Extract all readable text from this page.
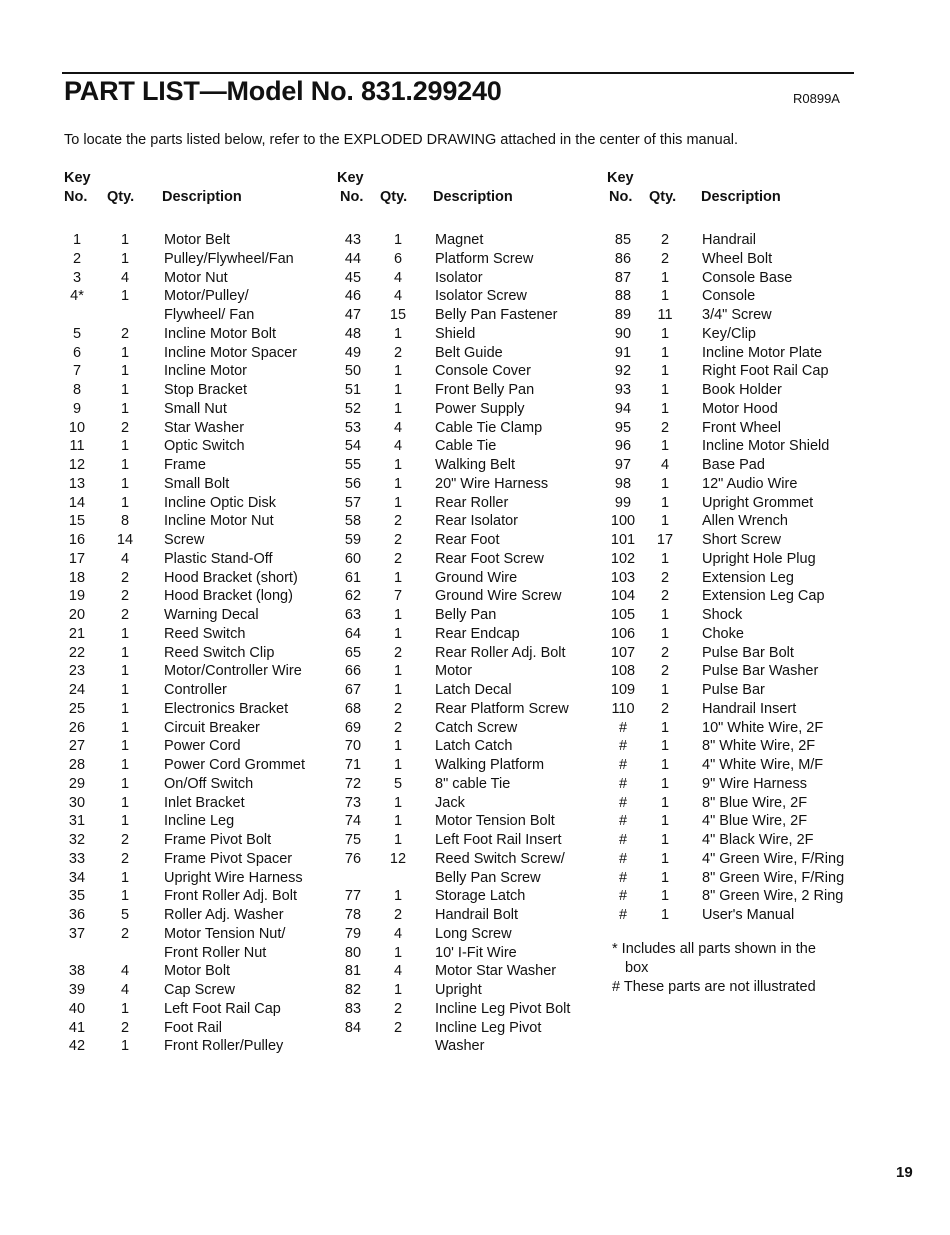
PART LIST—Model No. 831.299240	R0899A
To locate the parts listed below, refer to the EXPLODED DRAWING attached in the center of this manual.
Key
No. Qty. Description
1	1	Motor Belt
2	1	Pulley/Flywheel/Fan
3	4	Motor Nut
4*	1	Motor/Pulley/
Flywheel/ Fan
5	2	Incline Motor Bolt
6	1	Incline Motor Spacer
7	1	Incline Motor
8	1	Stop Bracket
9	1	Small Nut
10	2	Star Washer
11	1	Optic Switch
12	1	Frame
13	1	Small Bolt
14	1	Incline Optic Disk
15	8	Incline Motor Nut
16	14 Screw
17	4	Plastic Stand-Off
18	2	Hood Bracket (short)
19	2	Hood Bracket (long)
20	2	Warning Decal
21	1	Reed Switch
22	1	Reed Switch Clip
23	1	Motor/Controller Wire
24	1	Controller
25	1	Electronics Bracket
26	1	Circuit Breaker
27	1	Power Cord
28	1	Power Cord Grommet
29	1	On/Off Switch
30	1	Inlet Bracket
31	1	Incline Leg
32	2	Frame Pivot Bolt
33	2	Frame Pivot Spacer
34	1	Upright Wire Harness
35	1	Front Roller Adj. Bolt
36	5	Roller Adj. Washer
37	2	Motor Tension Nut/
Front Roller Nut
38	4	Motor Bolt
39	4	Cap Screw
40	1	Left Foot Rail Cap
41	2	Foot Rail
42	1	Front Roller/Pulley
Key
No. Qty. Description
43	1	Magnet
44	6	Platform Screw
45	4	Isolator
46	4	Isolator Screw
47	15 Belly Pan Fastener
48	1	Shield
49	2	Belt Guide
50	1	Console Cover
51	1	Front Belly Pan
52	1	Power Supply
53	4	Cable Tie Clamp
54	4	Cable Tie
55	1	Walking Belt
56	1	20" Wire Harness
57	1	Rear Roller
58	2	Rear Isolator
59	2	Rear Foot
60	2	Rear Foot Screw
61	1	Ground Wire
62	7	Ground Wire Screw
63	1	Belly Pan
64	1	Rear Endcap
65	2	Rear Roller Adj. Bolt
66	1	Motor
67	1	Latch Decal
68	2	Rear Platform Screw
69	2	Catch Screw
70	1	Latch Catch
71	1	Walking Platform
72	5	8" cable Tie
73	1	Jack
74	1	Motor Tension Bolt
75	1	Left Foot Rail Insert
76	12 Reed Switch Screw/
Belly Pan Screw
77	1	Storage Latch
78	2	Handrail Bolt
79	4	Long Screw
80	1	10' I-Fit Wire
81	4	Motor Star Washer
82	1	Upright
83	2	Incline Leg Pivot Bolt
84	2	Incline Leg Pivot
Washer
Key
No. Qty. Description
85	2	Handrail
86	2	Wheel Bolt
87	1	Console Base
88	1	Console
89	11 3/4" Screw
90	1	Key/Clip
91	1	Incline Motor Plate
92	1	Right Foot Rail Cap
93	1	Book Holder
94	1	Motor Hood
95	2	Front Wheel
96	1	Incline Motor Shield
97	4	Base Pad
98	1	12" Audio Wire
99	1	Upright Grommet
100	1	Allen Wrench
101	17 Short Screw
102	1	Upright Hole Plug
103	2	Extension Leg
104	2	Extension Leg Cap
105	1	Shock
106	1	Choke
107	2	Pulse Bar Bolt
108	2	Pulse Bar Washer
109	1	Pulse Bar
110	2	Handrail Insert
#	1	10" White Wire, 2F
#	1	8" White Wire, 2F
#	1	4" White Wire, M/F
#	1	9" Wire Harness
#	1	8" Blue Wire, 2F
#	1	4" Blue Wire, 2F
#	1	4" Black Wire, 2F
#	1	4" Green Wire, F/Ring
#	1	8" Green Wire, F/Ring
#	1	8" Green Wire, 2 Ring
#	1	User's Manual
* Includes all parts shown in the
box
# These parts are not illustrated
19
